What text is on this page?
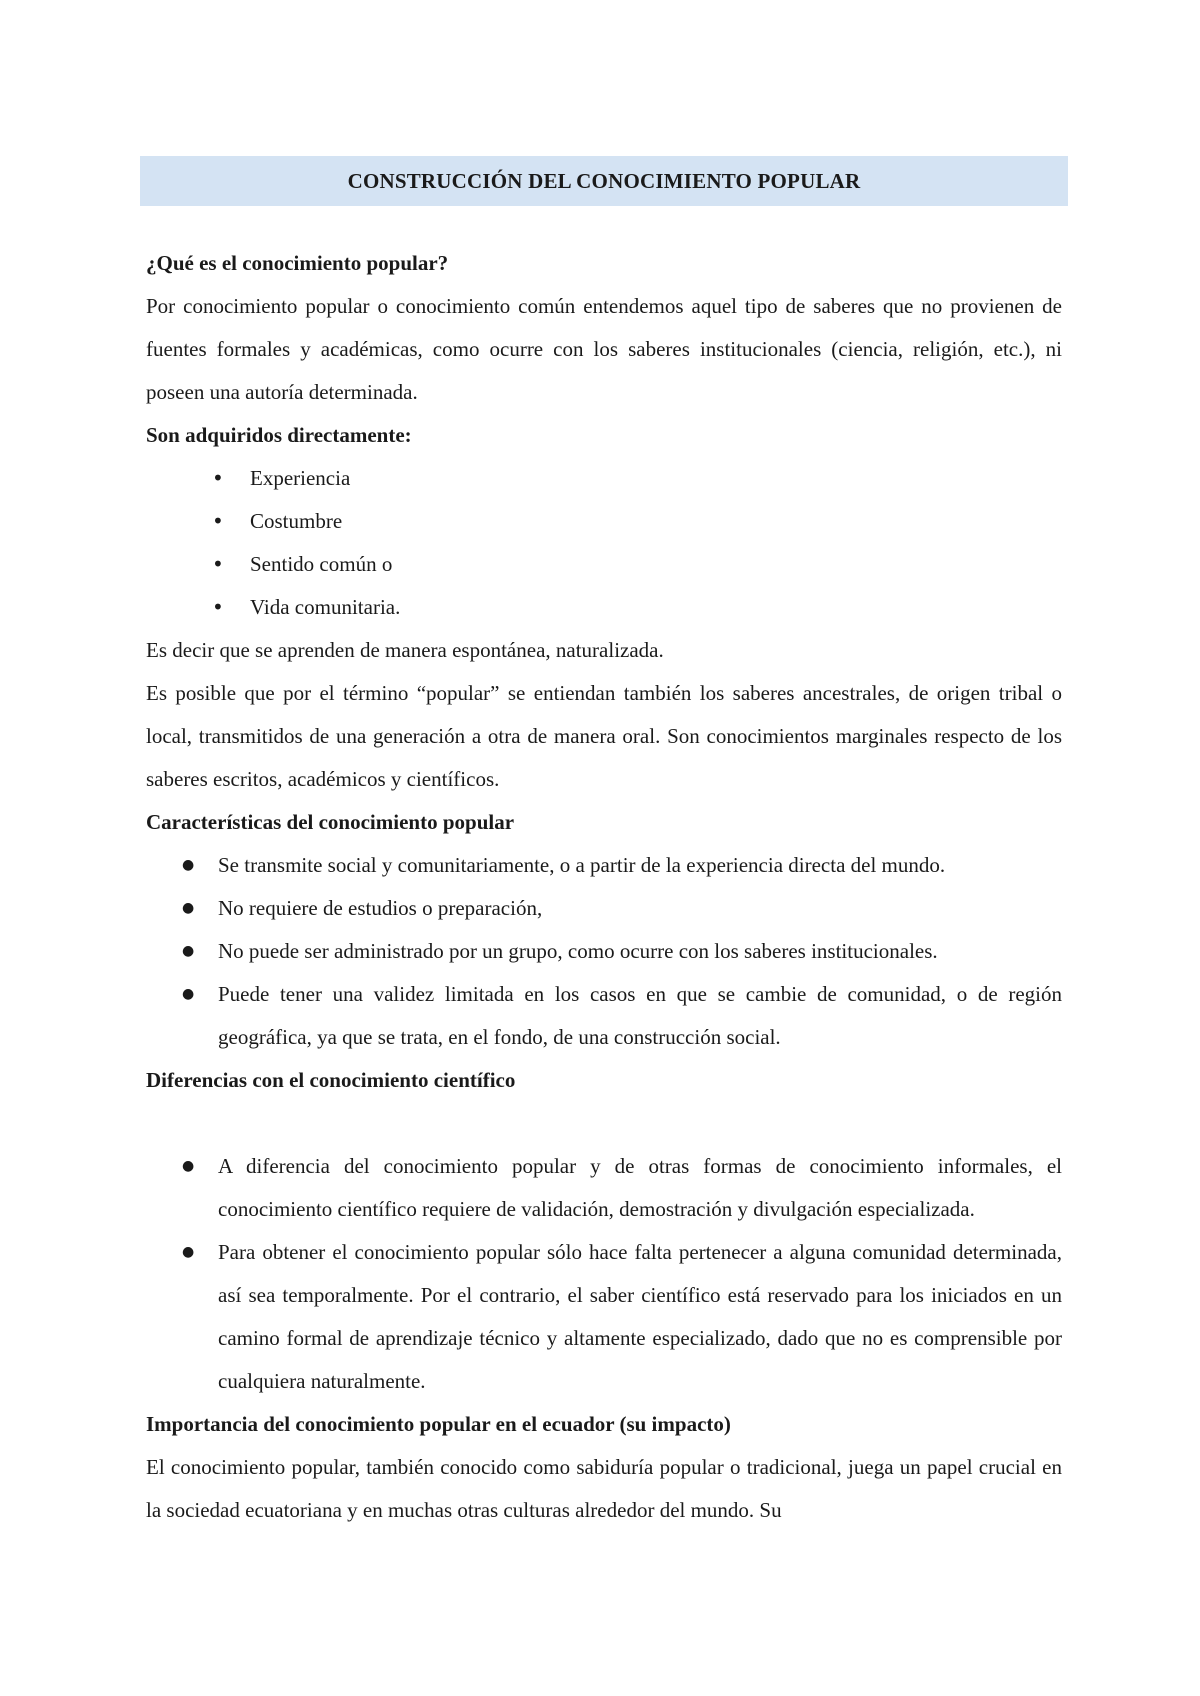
CONSTRUCCIÓN DEL CONOCIMIENTO POPULAR
¿Qué es el conocimiento popular?

Por conocimiento popular o conocimiento común entendemos aquel tipo de saberes que no provienen de fuentes formales y académicas, como ocurre con los saberes institucionales (ciencia, religión, etc.), ni poseen una autoría determinada.

Son adquiridos directamente:
• Experiencia
• Costumbre
• Sentido común o
• Vida comunitaria.

Es decir que se aprenden de manera espontánea, naturalizada.

Es posible que por el término “popular” se entiendan también los saberes ancestrales, de origen tribal o local, transmitidos de una generación a otra de manera oral. Son conocimientos marginales respecto de los saberes escritos, académicos y científicos.

Características del conocimiento popular
● Se transmite social y comunitariamente, o a partir de la experiencia directa del mundo.
● No requiere de estudios o preparación,
● No puede ser administrado por un grupo, como ocurre con los saberes institucionales.
● Puede tener una validez limitada en los casos en que se cambie de comunidad, o de región geográfica, ya que se trata, en el fondo, de una construcción social.
Diferencias con el conocimiento científico
● A diferencia del conocimiento popular y de otras formas de conocimiento informales, el conocimiento científico requiere de validación, demostración y divulgación especializada.
● Para obtener el conocimiento popular sólo hace falta pertenecer a alguna comunidad determinada, así sea temporalmente. Por el contrario, el saber científico está reservado para los iniciados en un camino formal de aprendizaje técnico y altamente especializado, dado que no es comprensible por cualquiera naturalmente.
Importancia del conocimiento popular en el ecuador (su impacto)

El conocimiento popular, también conocido como sabiduría popular o tradicional, juega un papel crucial en la sociedad ecuatoriana y en muchas otras culturas alrededor del mundo. Su
